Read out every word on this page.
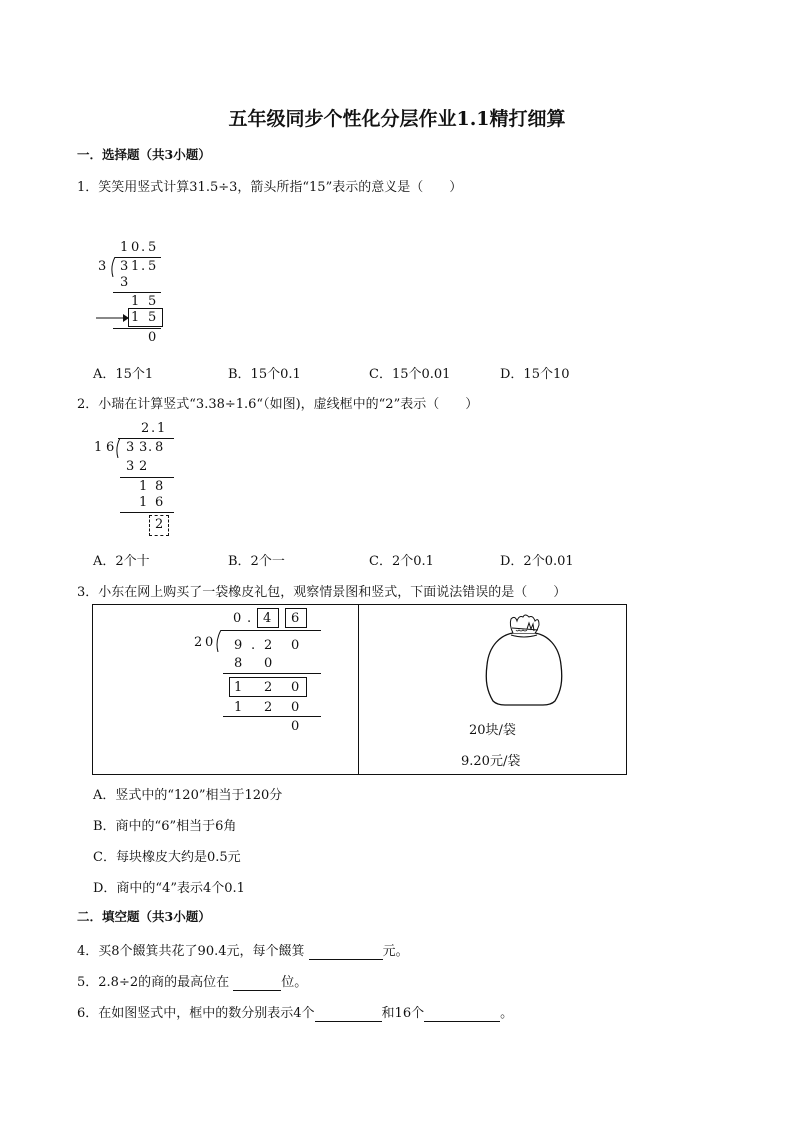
五年级同步个性化分层作业1.1精打细算
一．选择题（共3小题）
1．笑笑用竖式计算31.5÷3，箭头所指“15”表示的意义是（　　）
1 0 . 5
3 3 1 . 5
3
1 5
1 5
0
A．15个1	B．15个0.1	C．15个0.01	D．15个10
2．小瑞在计算竖式“3.38÷1.6“（如图)，虚线框中的“2”表示（　　）
2 . 1
1 6 3 3 . 8
3 2
1 8
1 6
2
A．2个十	B．2个一	C．2个0.1	D．2个0.01
3．小东在网上购买了一袋橡皮礼包，观察情景图和竖式，下面说法错误的是（　　）
0 . 4 6
2 0 9 . 2 0
8 0
1 2 0
1 2 0
0	20块/袋
9.20元/袋
A．竖式中的“120”相当于120分
B．商中的“6”相当于6角
C．每块橡皮大约是0.5元
D．商中的“4”表示4个0.1
二．填空题（共3小题）
4．买8个餟箕共花了90.4元，每个餟箕	元。
5．2.8÷2的商的最高位在	位。
6．在如图竖式中，框中的数分别表示4个	和16个	。
